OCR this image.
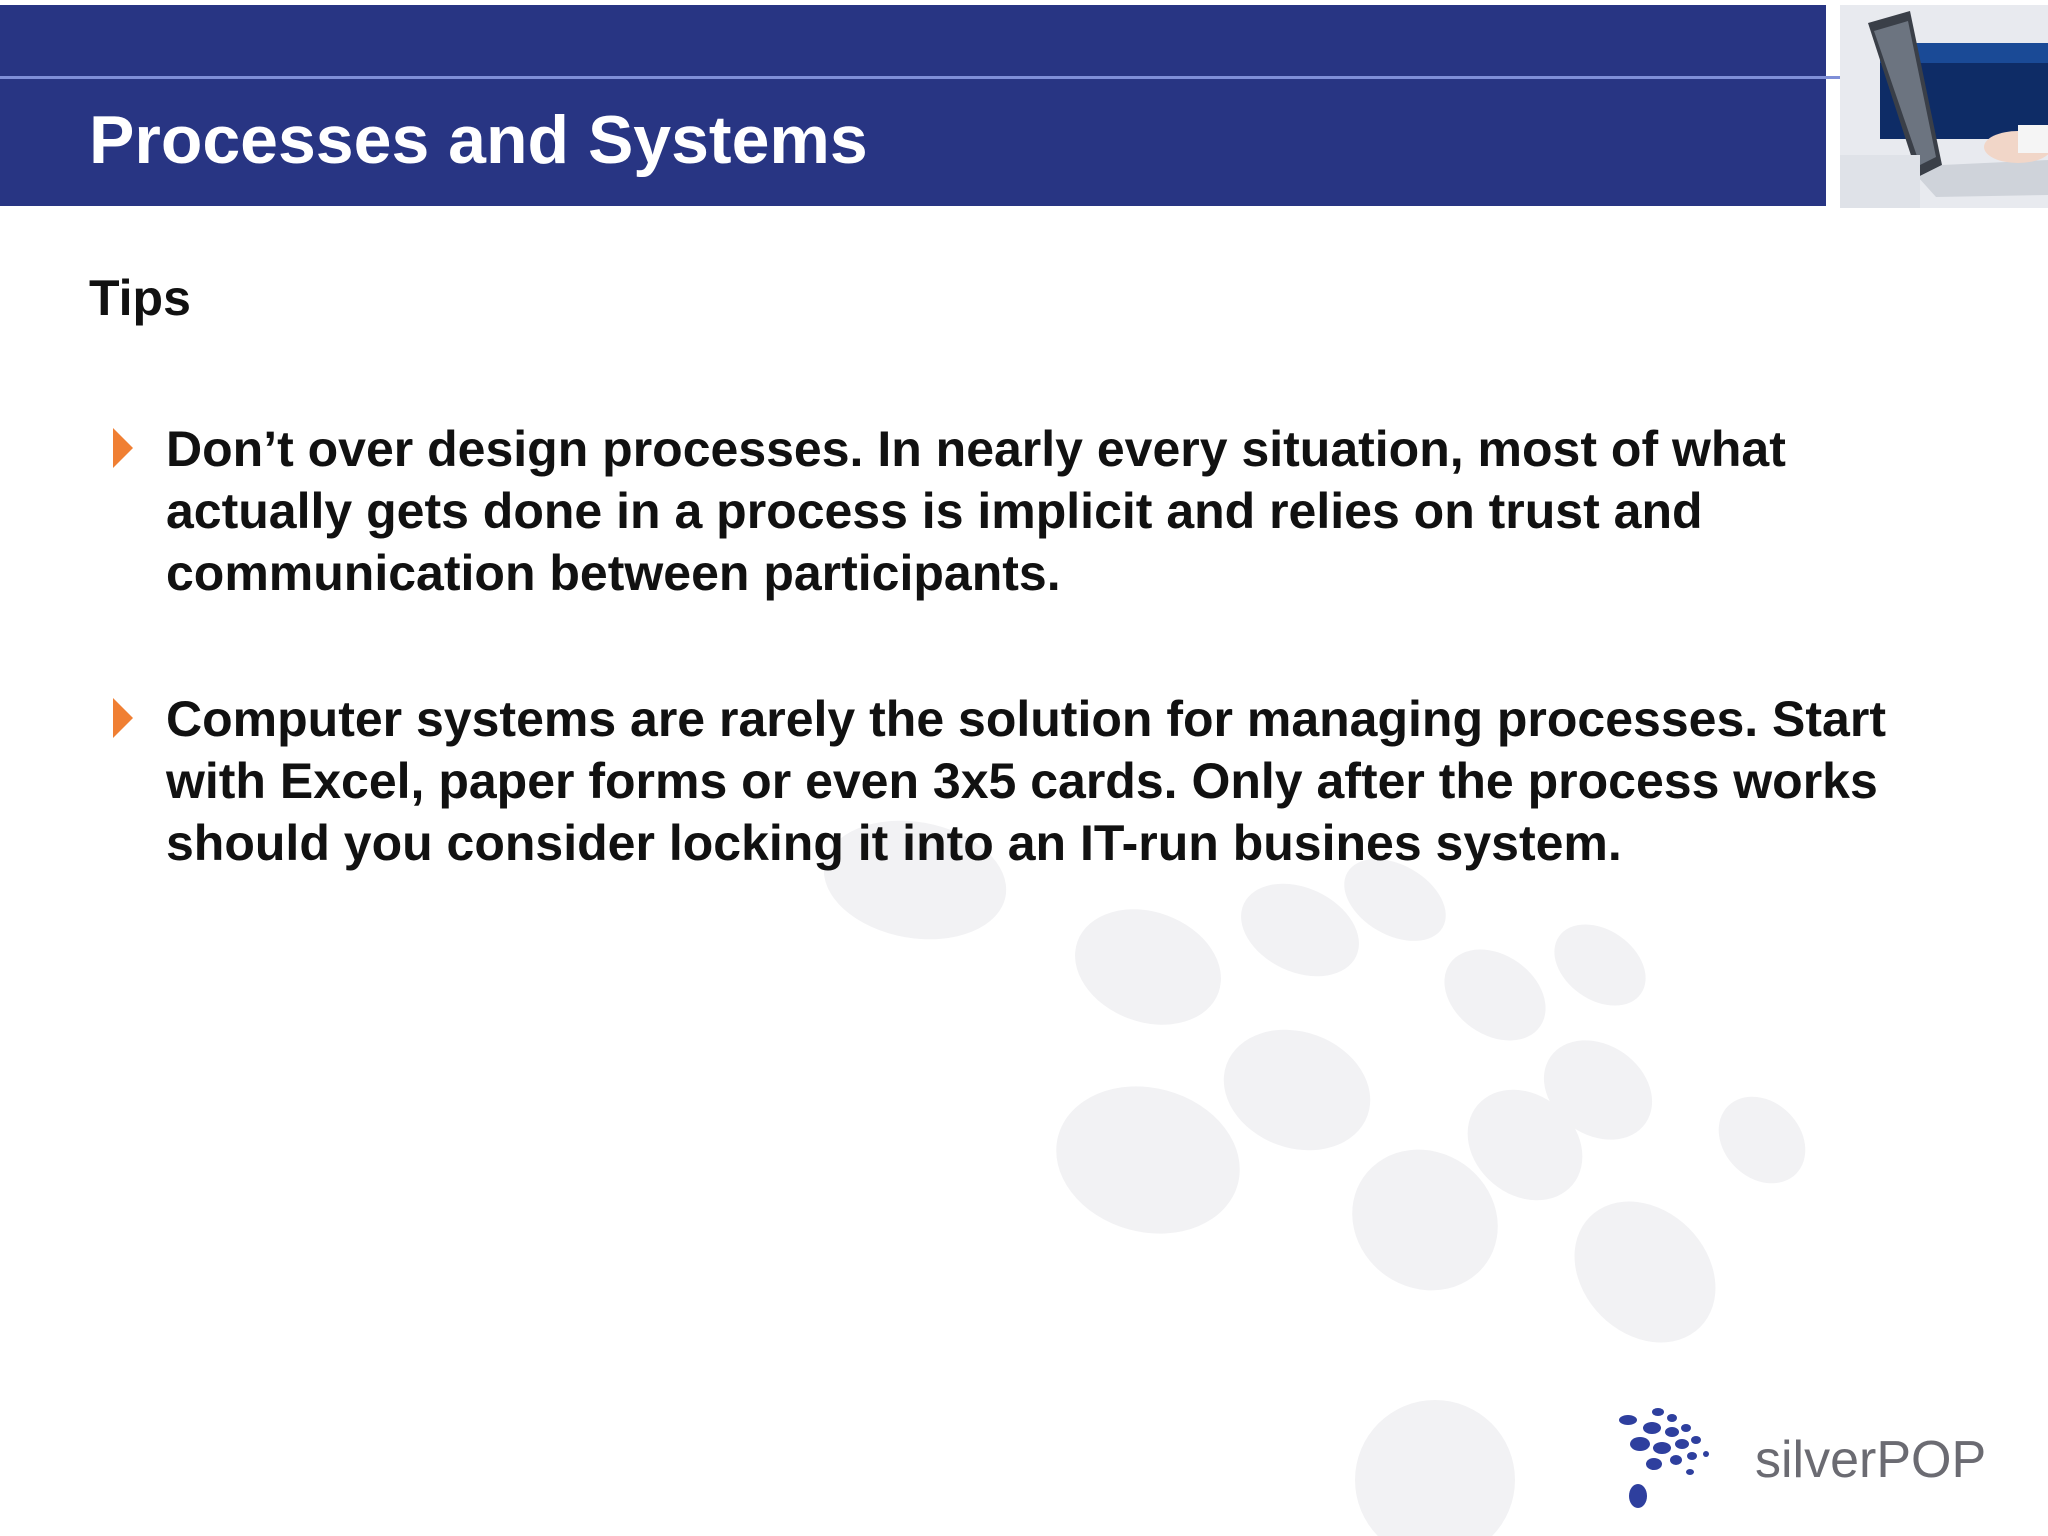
Processes and Systems
Tips
Don’t over design processes. In nearly every situation, most of what
actually gets done in a process is implicit and relies on trust and
communication between participants.
Computer systems are rarely the solution for managing processes. Start
with Excel, paper forms or even 3x5 cards. Only after the process works
should you consider locking it into an IT-run busines system.
silverPOP
